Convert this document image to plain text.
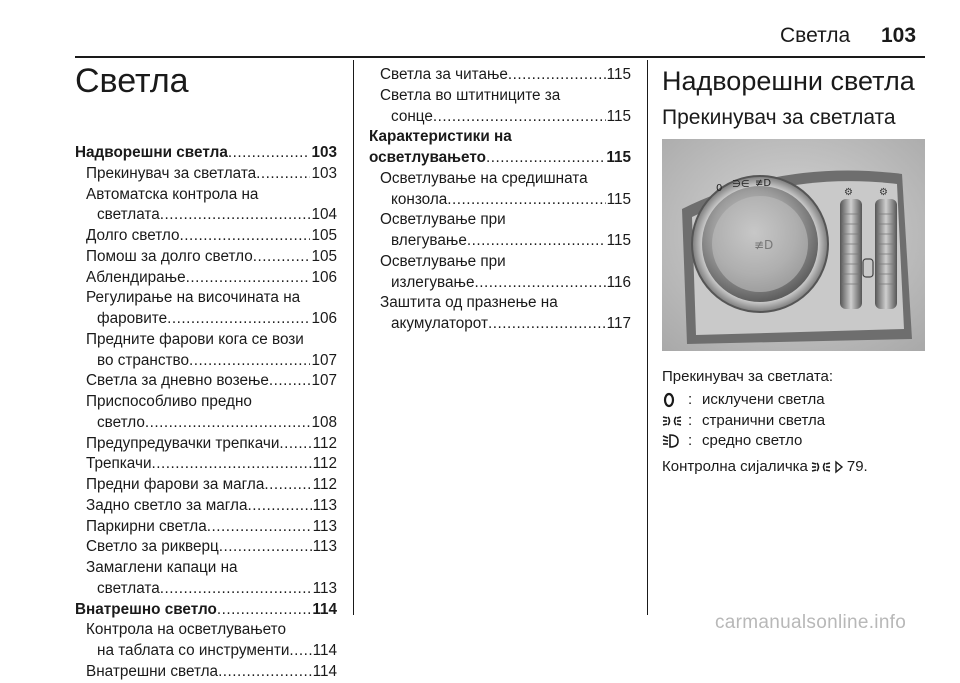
Светла 103
Светла
Надворешни светла .....	103
Прекинувач за светлата .....	103
Автоматска контрола на
светлата .....	104
Долго светло .....	105
Помош за долго светло .....	105
Аблендирање .....	106
Регулирање на височината на
фаровите .....	106
Предните фарови кога се вози
во странство .....	107
Светла за дневно возење .....	107
Приспособливо предно
светло .....	108
Предупредувачки трепкачи ..... 112
Трепкачи .....	112
Предни фарови за магла .....	112
Задно светло за магла .....	113
Паркирни светла .....	113
Светло за рикверц .....	113
Замаглени капаци на
светлата .....	113
Внатрешно светло .....	114
Контрола на осветлувањето
на таблата со инструменти ..... 114
Внатрешни светла .....	114
Светла за читање .....	115
Светла во штитниците за
сонце .....	115
Карактеристики на
осветлувањето .....	115
Осветлување на средишната
конзола .....	115
Осветлување при
влегување .....	115
Осветлување при
излегување .....	116
Заштита од празнење на
акумулаторот .....	117
Надворешни светла
Прекинувач за светлата
≢D
0 ∋∈ ≢D
⚙	⚙
Прекинувач за светлата:
: исклучени светла
: странични светла
: средно светло
Контролна сијаличка	79.
carmanualsonline.info
